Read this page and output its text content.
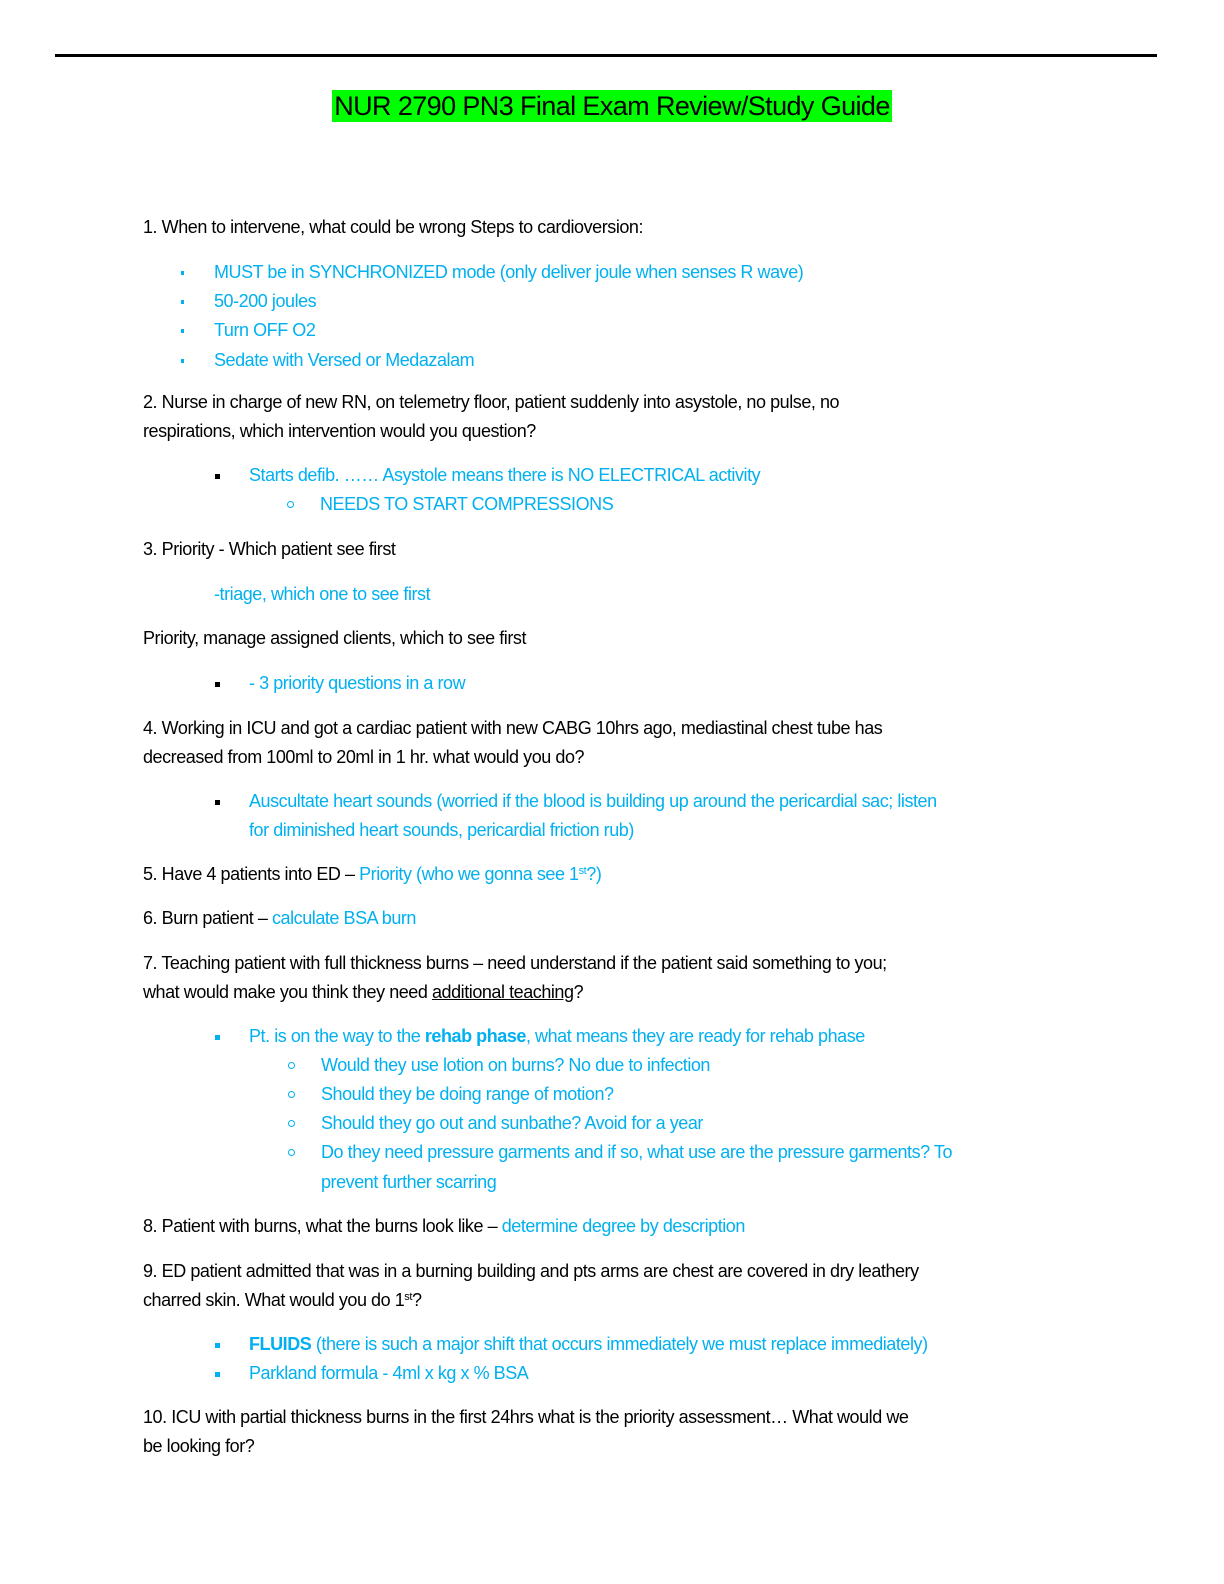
NUR 2790 PN3 Final Exam Review/Study Guide
1. When to intervene, what could be wrong Steps to cardioversion:
MUST be in SYNCHRONIZED mode (only deliver joule when senses R wave)
50-200 joules
Turn OFF O2
Sedate with Versed or Medazalam
2. Nurse in charge of new RN, on telemetry floor, patient suddenly into asystole, no pulse, no
respirations, which intervention would you question?
Starts defib. …… Asystole means there is NO ELECTRICAL activity
NEEDS TO START COMPRESSIONS
3. Priority - Which patient see first
-triage, which one to see first
Priority, manage assigned clients, which to see first
- 3 priority questions in a row
4. Working in ICU and got a cardiac patient with new CABG 10hrs ago, mediastinal chest tube has
decreased from 100ml to 20ml in 1 hr. what would you do?
Auscultate heart sounds (worried if the blood is building up around the pericardial sac; listen
for diminished heart sounds, pericardial friction rub)
5. Have 4 patients into ED – Priority (who we gonna see 1st?)
6. Burn patient – calculate BSA burn
7. Teaching patient with full thickness burns – need understand if the patient said something to you;
what would make you think they need additional teaching?
Pt. is on the way to the rehab phase, what means they are ready for rehab phase
Would they use lotion on burns? No due to infection
Should they be doing range of motion?
Should they go out and sunbathe? Avoid for a year
Do they need pressure garments and if so, what use are the pressure garments? To
prevent further scarring
8. Patient with burns, what the burns look like – determine degree by description
9. ED patient admitted that was in a burning building and pts arms are chest are covered in dry leathery
charred skin. What would you do 1st?
FLUIDS (there is such a major shift that occurs immediately we must replace immediately)
Parkland formula - 4ml x kg x % BSA
10. ICU with partial thickness burns in the first 24hrs what is the priority assessment… What would we
be looking for?
